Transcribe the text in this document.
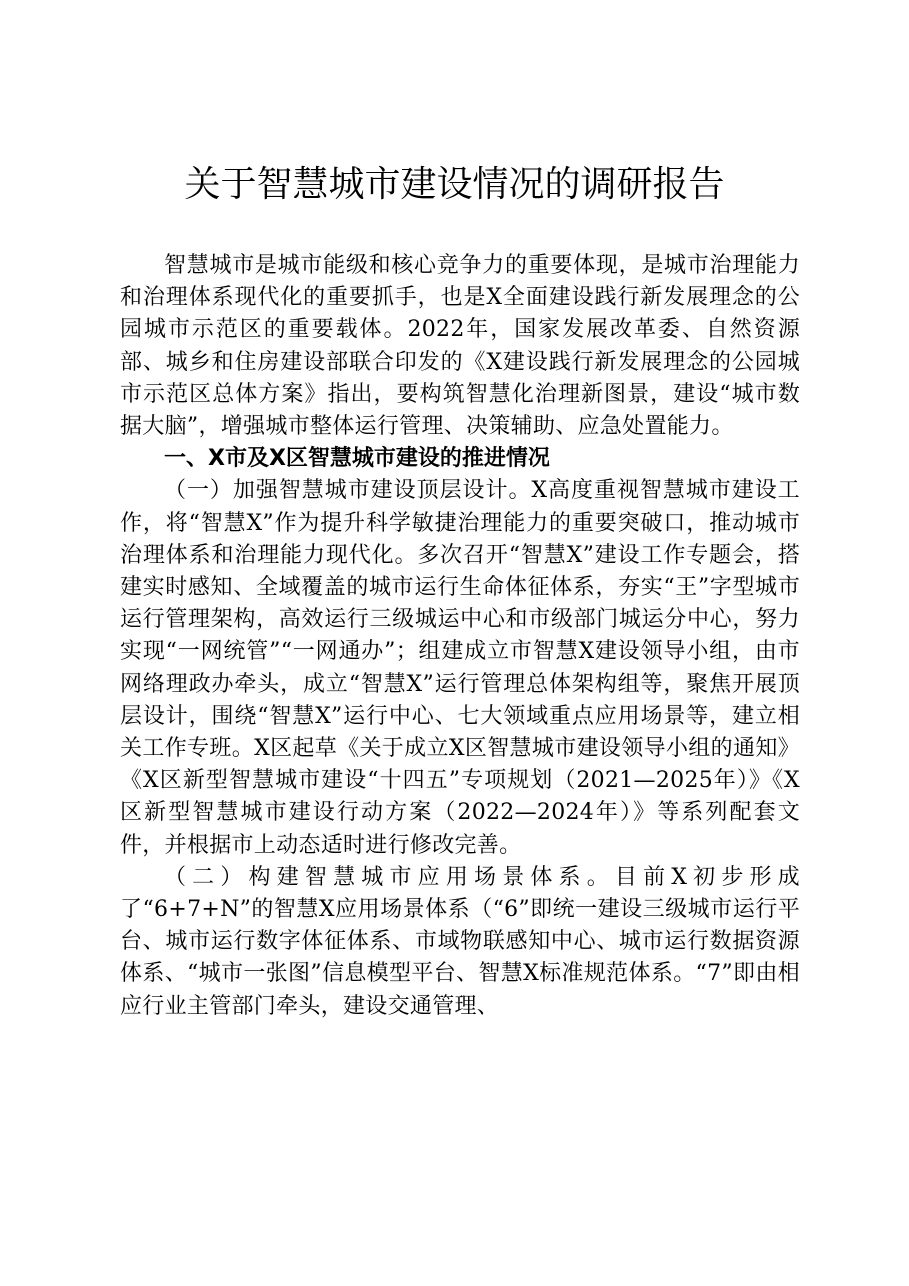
关于智慧城市建设情况的调研报告

智慧城市是城市能级和核心竞争力的重要体现，是城市治理能力和治理体系现代化的重要抓手，也是X全面建设践行新发展理念的公园城市示范区的重要载体。2022年，国家发展改革委、自然资源部、城乡和住房建设部联合印发的《X建设践行新发展理念的公园城市示范区总体方案》指出，要构筑智慧化治理新图景，建设“城市数据大脑”，增强城市整体运行管理、决策辅助、应急处置能力。

一、X市及X区智慧城市建设的推进情况

（一）加强智慧城市建设顶层设计。X高度重视智慧城市建设工作，将“智慧X”作为提升科学敏捷治理能力的重要突破口，推动城市治理体系和治理能力现代化。多次召开“智慧X”建设工作专题会，搭建实时感知、全域覆盖的城市运行生命体征体系，夯实“王”字型城市运行管理架构，高效运行三级城运中心和市级部门城运分中心，努力实现“一网统管”“一网通办”；组建成立市智慧X建设领导小组，由市网络理政办牵头，成立“智慧X”运行管理总体架构组等，聚焦开展顶层设计，围绕“智慧X”运行中心、七大领域重点应用场景等，建立相关工作专班。X区起草《关于成立X区智慧城市建设领导小组的通知》《X区新型智慧城市建设“十四五”专项规划（2021—2025年）》《X区新型智慧城市建设行动方案（2022—2024年）》等系列配套文件，并根据市上动态适时进行修改完善。

（二）构建智慧城市应用场景体系。目前X初步形成了“6+7+N”的智慧X应用场景体系（“6”即统一建设三级城市运行平台、城市运行数字体征体系、市域物联感知中心、城市运行数据资源体系、“城市一张图”信息模型平台、智慧X标准规范体系。“7”即由相应行业主管部门牵头，建设交通管理、
